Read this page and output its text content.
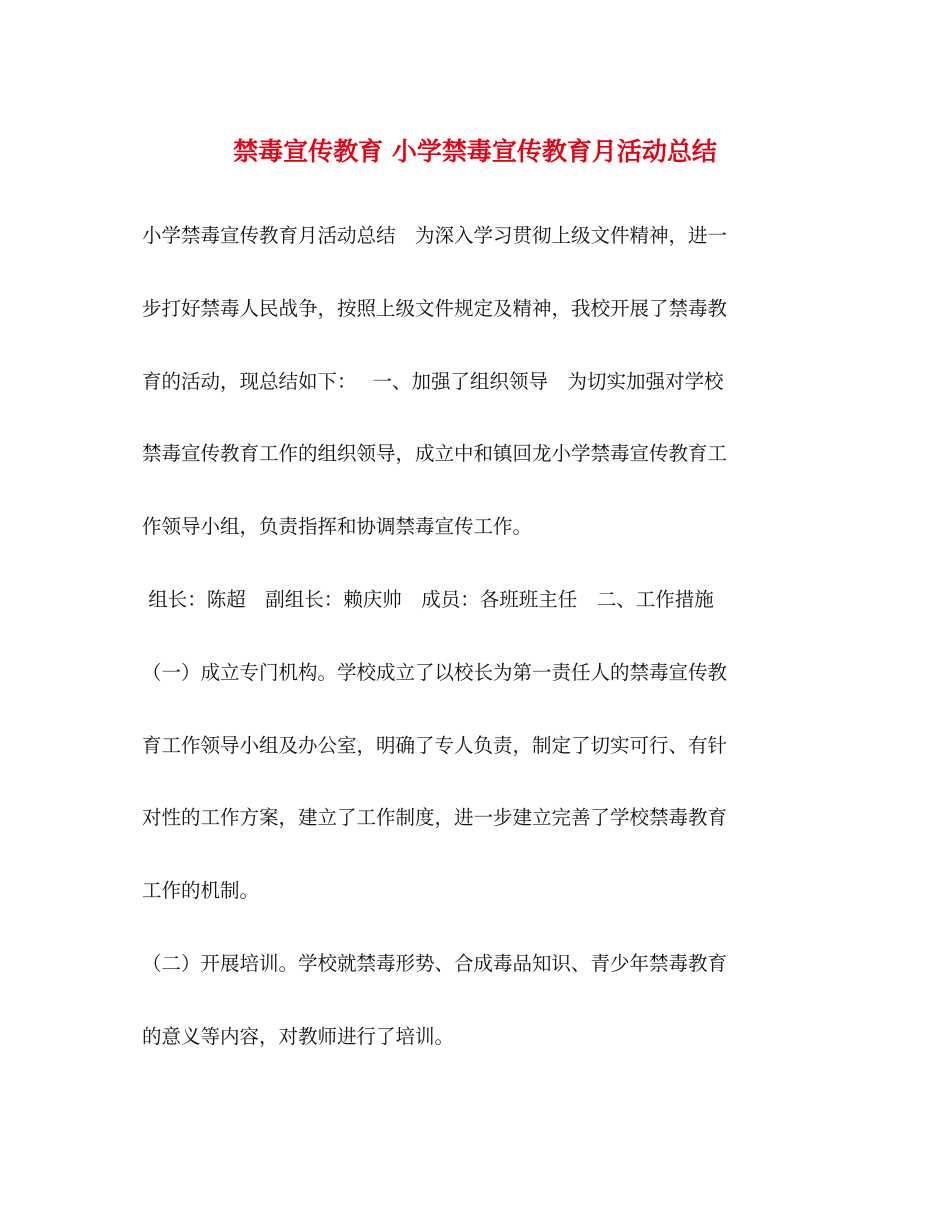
禁毒宣传教育 小学禁毒宣传教育月活动总结
小学禁毒宣传教育月活动总结　为深入学习贯彻上级文件精神，进一
步打好禁毒人民战争，按照上级文件规定及精神，我校开展了禁毒教
育的活动，现总结如下：　 一、加强了组织领导　为切实加强对学校
禁毒宣传教育工作的组织领导，成立中和镇回龙小学禁毒宣传教育工
作领导小组，负责指挥和协调禁毒宣传工作。
组长：陈超　副组长：赖庆帅　成员：各班班主任　二、工作措施
（一）成立专门机构。学校成立了以校长为第一责任人的禁毒宣传教
育工作领导小组及办公室，明确了专人负责，制定了切实可行、有针
对性的工作方案，建立了工作制度，进一步建立完善了学校禁毒教育
工作的机制。
（二）开展培训。学校就禁毒形势、合成毒品知识、青少年禁毒教育
的意义等内容，对教师进行了培训。
